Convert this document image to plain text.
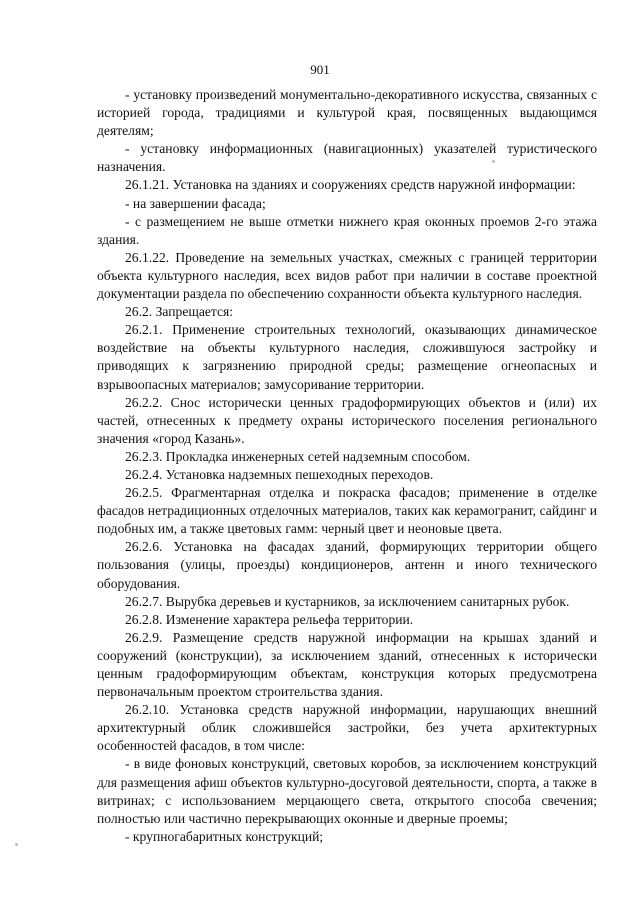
901

- установку произведений монументально-декоративного искусства, связанных с историей города, традициями и культурой края, посвященных выдающимся деятелям;

- установку информационных (навигационных) указателей туристического назначения.

26.1.21. Установка на зданиях и сооружениях средств наружной информации:

- на завершении фасада;

- с размещением не выше отметки нижнего края оконных проемов 2-го этажа здания.

26.1.22. Проведение на земельных участках, смежных с границей территории объекта культурного наследия, всех видов работ при наличии в составе проектной документации раздела по обеспечению сохранности объекта культурного наследия.

26.2. Запрещается:

26.2.1. Применение строительных технологий, оказывающих динамическое воздействие на объекты культурного наследия, сложившуюся застройку и приводящих к загрязнению природной среды; размещение огнеопасных и взрывоопасных материалов; замусоривание территории.

26.2.2. Снос исторически ценных градоформирующих объектов и (или) их частей, отнесенных к предмету охраны исторического поселения регионального значения «город Казань».

26.2.3. Прокладка инженерных сетей надземным способом.

26.2.4. Установка надземных пешеходных переходов.

26.2.5. Фрагментарная отделка и покраска фасадов; применение в отделке фасадов нетрадиционных отделочных материалов, таких как керамогранит, сайдинг и подобных им, а также цветовых гамм: черный цвет и неоновые цвета.

26.2.6. Установка на фасадах зданий, формирующих территории общего пользования (улицы, проезды) кондиционеров, антенн и иного технического оборудования.

26.2.7. Вырубка деревьев и кустарников, за исключением санитарных рубок.

26.2.8. Изменение характера рельефа территории.

26.2.9. Размещение средств наружной информации на крышах зданий и сооружений (конструкции), за исключением зданий, отнесенных к исторически ценным градоформирующим объектам, конструкция которых предусмотрена первоначальным проектом строительства здания.

26.2.10. Установка средств наружной информации, нарушающих внешний архитектурный облик сложившейся застройки, без учета архитектурных особенностей фасадов, в том числе:

- в виде фоновых конструкций, световых коробов, за исключением конструкций для размещения афиш объектов культурно-досуговой деятельности, спорта, а также в витринах; с использованием мерцающего света, открытого способа свечения; полностью или частично перекрывающих оконные и дверные проемы;

- крупногабаритных конструкций;
